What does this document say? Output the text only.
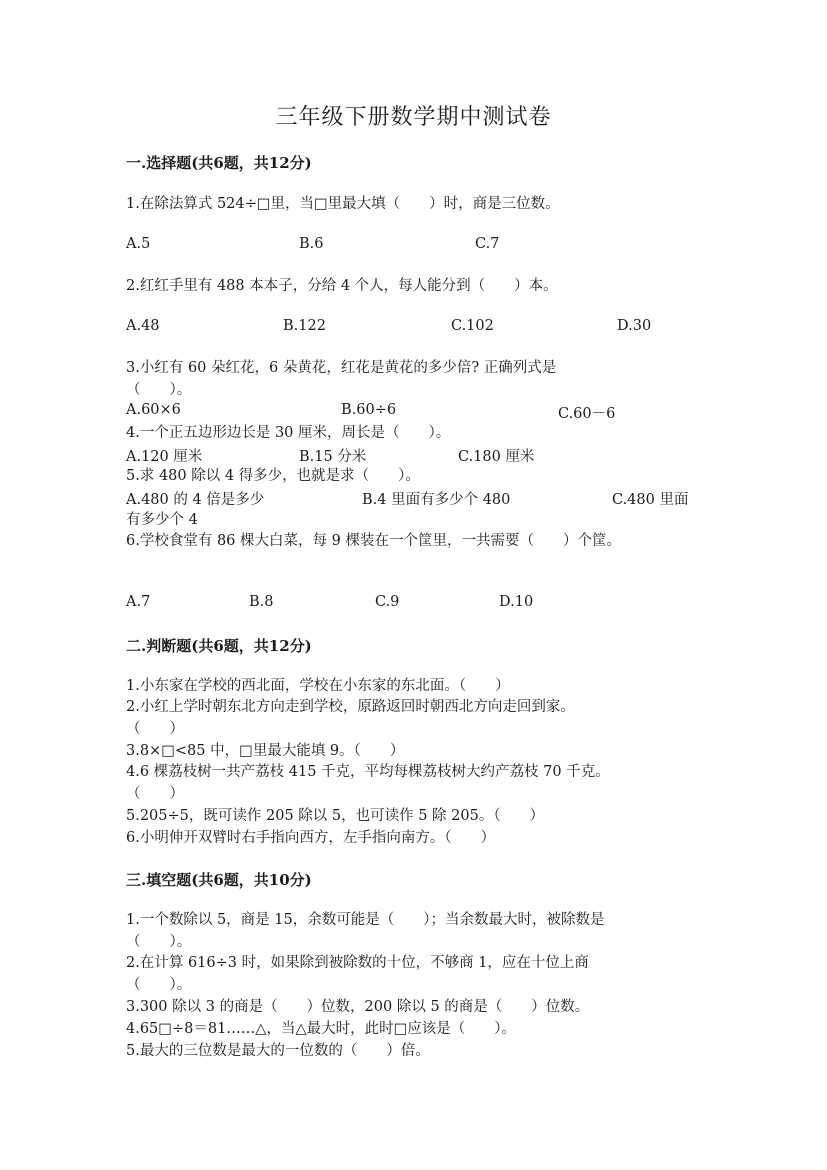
三年级下册数学期中测试卷
一.选择题(共6题，共12分)
1.在除法算式 524÷□里，当□里最大填（　　）时，商是三位数。
A.5	B.6	C.7
2.红红手里有 488 本本子，分给 4 个人，每人能分到（　　）本。
A.48	B.122	C.102	D.30
3.小红有 60 朵红花，6 朵黄花，红花是黄花的多少倍? 正确列式是
（　　）。
A.60×6	B.60÷6	C.60－6
4.一个正五边形边长是 30 厘米，周长是（　　）。
A.120 厘米	B.15 分米	C.180 厘米
5.求 480 除以 4 得多少，也就是求（　　）。
A.480 的 4 倍是多少	B.4 里面有多少个 480	C.480 里面
有多少个 4
6.学校食堂有 86 棵大白菜，每 9 棵装在一个筐里，一共需要（　　）个筐。
A.7	B.8	C.9	D.10
二.判断题(共6题，共12分)
1.小东家在学校的西北面，学校在小东家的东北面。（　　）
2.小红上学时朝东北方向走到学校，原路返回时朝西北方向走回到家。
（　　）
3.8×□<85 中，□里最大能填 9。（　　）
4.6 棵荔枝树一共产荔枝 415 千克，平均每棵荔枝树大约产荔枝 70 千克。
（　　）
5.205÷5，既可读作 205 除以 5，也可读作 5 除 205。（　　）
6.小明伸开双臂时右手指向西方，左手指向南方。（　　）
三.填空题(共6题，共10分)
1.一个数除以 5，商是 15，余数可能是（　　）；当余数最大时，被除数是
（　　）。
2.在计算 616÷3 时，如果除到被除数的十位，不够商 1，应在十位上商
（　　）。
3.300 除以 3 的商是（　　）位数，200 除以 5 的商是（　　）位数。
4.65□÷8＝81……△，当△最大时，此时□应该是（　　）。
5.最大的三位数是最大的一位数的（　　）倍。
